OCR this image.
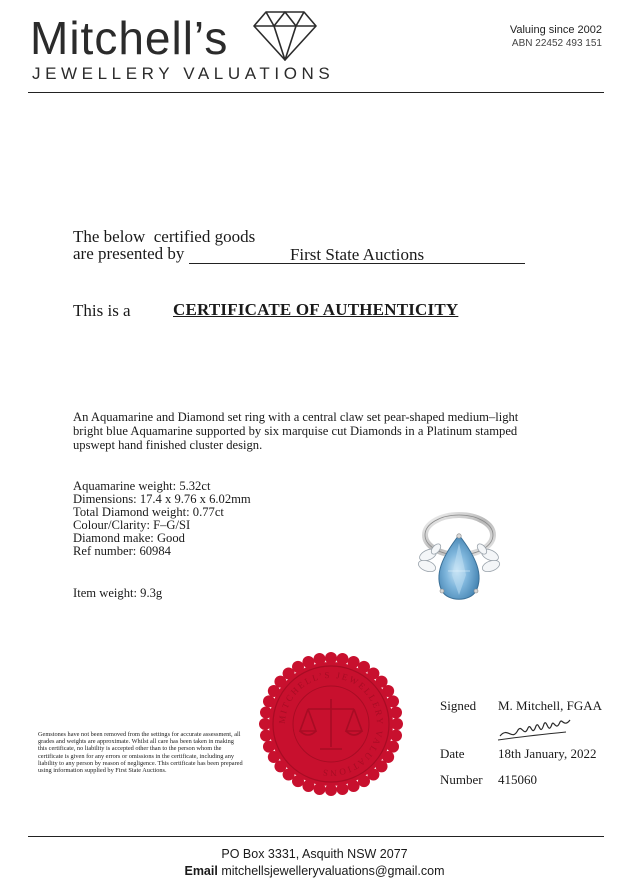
Mitchell’s
JEWELLERY VALUATIONS
Valuing since 2002
ABN 22452 493 151
The below  certified goods
are presented by	First State Auctions
This is a CERTIFICATE OF AUTHENTICITY
An Aquamarine and Diamond set ring with a central claw set pear-shaped medium–light bright blue Aquamarine supported by six marquise cut Diamonds in a Platinum stamped upswept hand finished cluster design.
Aquamarine weight: 5.32ct
Dimensions: 17.4 x 9.76 x 6.02mm
Total Diamond weight: 0.77ct
Colour/Clarity: F–G/SI
Diamond make: Good
Ref number: 60984
Item weight: 9.3g
MITCHELL’S JEWELLERY VALUATIONS
Gemstones have not been removed from the settings for accurate assessment, all grades and weights are approximate. Whilst all care has been taken in making this certificate, no liability is accepted other than to the person whom the certificate is given for any errors or omissions in the certificate, including any liability to any person by reason of negligence. This certificate has been prepared using information supplied by First State Auctions.
Signed M. Mitchell, FGAA
Date	18th January, 2022
Number 415060
PO Box 3331, Asquith NSW 2077
Email mitchellsjewelleryvaluations@gmail.com
